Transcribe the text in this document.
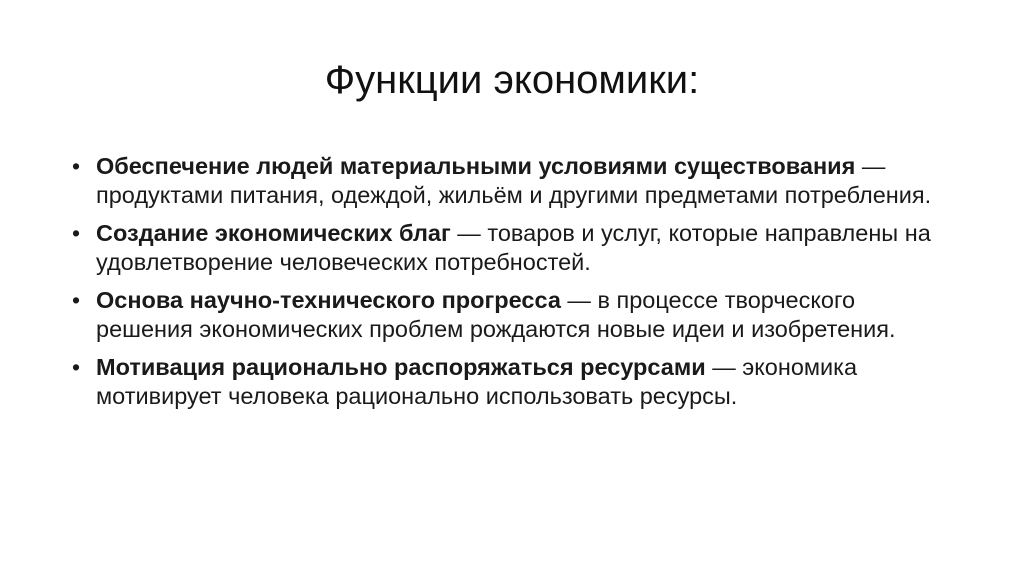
Функции экономики:
• Обеспечение людей материальными условиями существования — продуктами питания, одеждой, жильём и другими предметами потребления.
• Создание экономических благ — товаров и услуг, которые направлены на удовлетворение человеческих потребностей.
• Основа научно-технического прогресса — в процессе творческого решения экономических проблем рождаются новые идеи и изобретения.
• Мотивация рационально распоряжаться ресурсами — экономика мотивирует человека рационально использовать ресурсы.
